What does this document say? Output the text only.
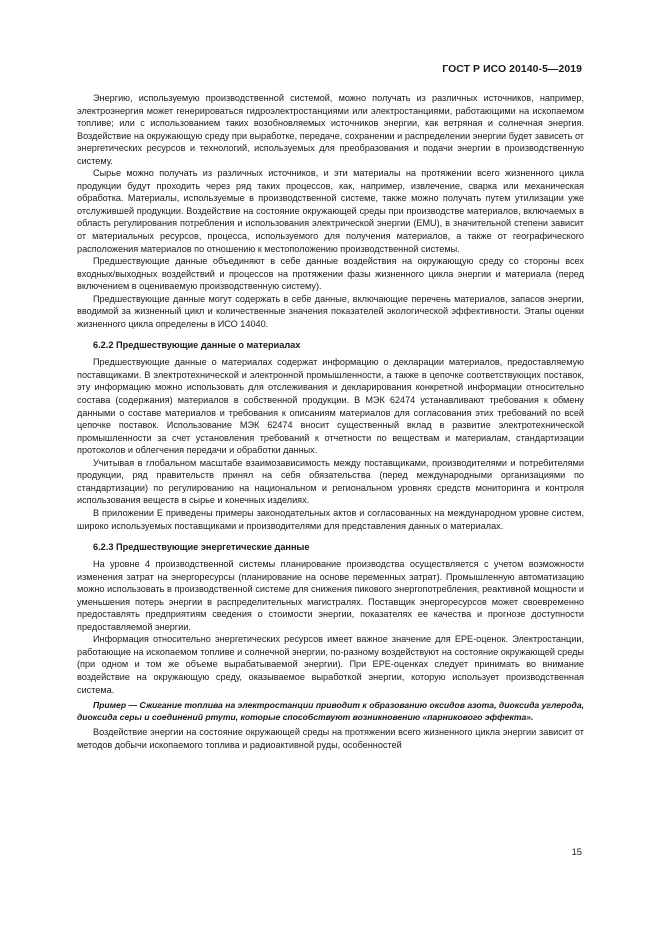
ГОСТ Р ИСО 20140-5—2019

Энергию, используемую производственной системой, можно получать из различных источников, например, электроэнергия может генерироваться гидроэлектростанциями или электростанциями, работающими на ископаемом топливе; или с использованием таких возобновляемых источников энергии, как ветряная и солнечная энергия. Воздействие на окружающую среду при выработке, передаче, сохранении и распределении энергии будет зависеть от энергетических ресурсов и технологий, используемых для преобразования и подачи энергии в производственную систему.

Сырье можно получать из различных источников, и эти материалы на протяжении всего жизненного цикла продукции будут проходить через ряд таких процессов, как, например, извлечение, сварка или механическая обработка. Материалы, используемые в производственной системе, также можно получать путем утилизации уже отслужившей продукции. Воздействие на состояние окружающей среды при производстве материалов, включаемых в область регулирования потребления и использования электрической энергии (EMU), в значительной степени зависит от материальных ресурсов, процесса, используемого для получения материалов, а также от географического расположения материалов по отношению к местоположению производственной системы.

Предшествующие данные объединяют в себе данные воздействия на окружающую среду со стороны всех входных/выходных воздействий и процессов на протяжении фазы жизненного цикла энергии и материала (перед включением в оцениваемую производственную систему).

Предшествующие данные могут содержать в себе данные, включающие перечень материалов, запасов энергии, вводимой за жизненный цикл и количественные значения показателей экологической эффективности. Этапы оценки жизненного цикла определены в ИСО 14040.

6.2.2 Предшествующие данные о материалах

Предшествующие данные о материалах содержат информацию о декларации материалов, предоставляемую поставщиками. В электротехнической и электронной промышленности, а также в цепочке соответствующих поставок, эту информацию можно использовать для отслеживания и декларирования конкретной информации относительно состава (содержания) материалов в собственной продукции. В МЭК 62474 устанавливают требования к обмену данными о составе материалов и требования к описаниям материалов для согласования этих требований по всей цепочке поставок. Использование МЭК 62474 вносит существенный вклад в развитие электротехнической промышленности за счет установления требований к отчетности по веществам и материалам, стандартизации протоколов и облегчения передачи и обработки данных.

Учитывая в глобальном масштабе взаимозависимость между поставщиками, производителями и потребителями продукции, ряд правительств принял на себя обязательства (перед международными организациями по стандартизации) по регулированию на национальном и региональном уровнях средств мониторинга и контроля использования веществ в сырье и конечных изделиях.

В приложении Е приведены примеры законодательных актов и согласованных на международном уровне систем, широко используемых поставщиками и производителями для представления данных о материалах.

6.2.3 Предшествующие энергетические данные

На уровне 4 производственной системы планирование производства осуществляется с учетом возможности изменения затрат на энергоресурсы (планирование на основе переменных затрат). Промышленную автоматизацию можно использовать в производственной системе для снижения пикового энергопотребления, реактивной мощности и уменьшения потерь энергии в распределительных магистралях. Поставщик энергоресурсов может своевременно предоставлять предприятиям сведения о стоимости энергии, показателях ее качества и прогнозе доступности предоставляемой энергии.

Информация относительно энергетических ресурсов имеет важное значение для EPE-оценок. Электростанции, работающие на ископаемом топливе и солнечной энергии, по-разному воздействуют на состояние окружающей среды (при одном и том же объеме вырабатываемой энергии). При EPE-оценках следует принимать во внимание воздействие на окружающую среду, оказываемое выработкой энергии, которую использует производственная система.

Пример — Сжигание топлива на электростанции приводит к образованию оксидов азота, диоксида углерода, диоксида серы и соединений ртути, которые способствуют возникновению «парникового эффекта».

Воздействие энергии на состояние окружающей среды на протяжении всего жизненного цикла энергии зависит от методов добычи ископаемого топлива и радиоактивной руды, особенностей

15
